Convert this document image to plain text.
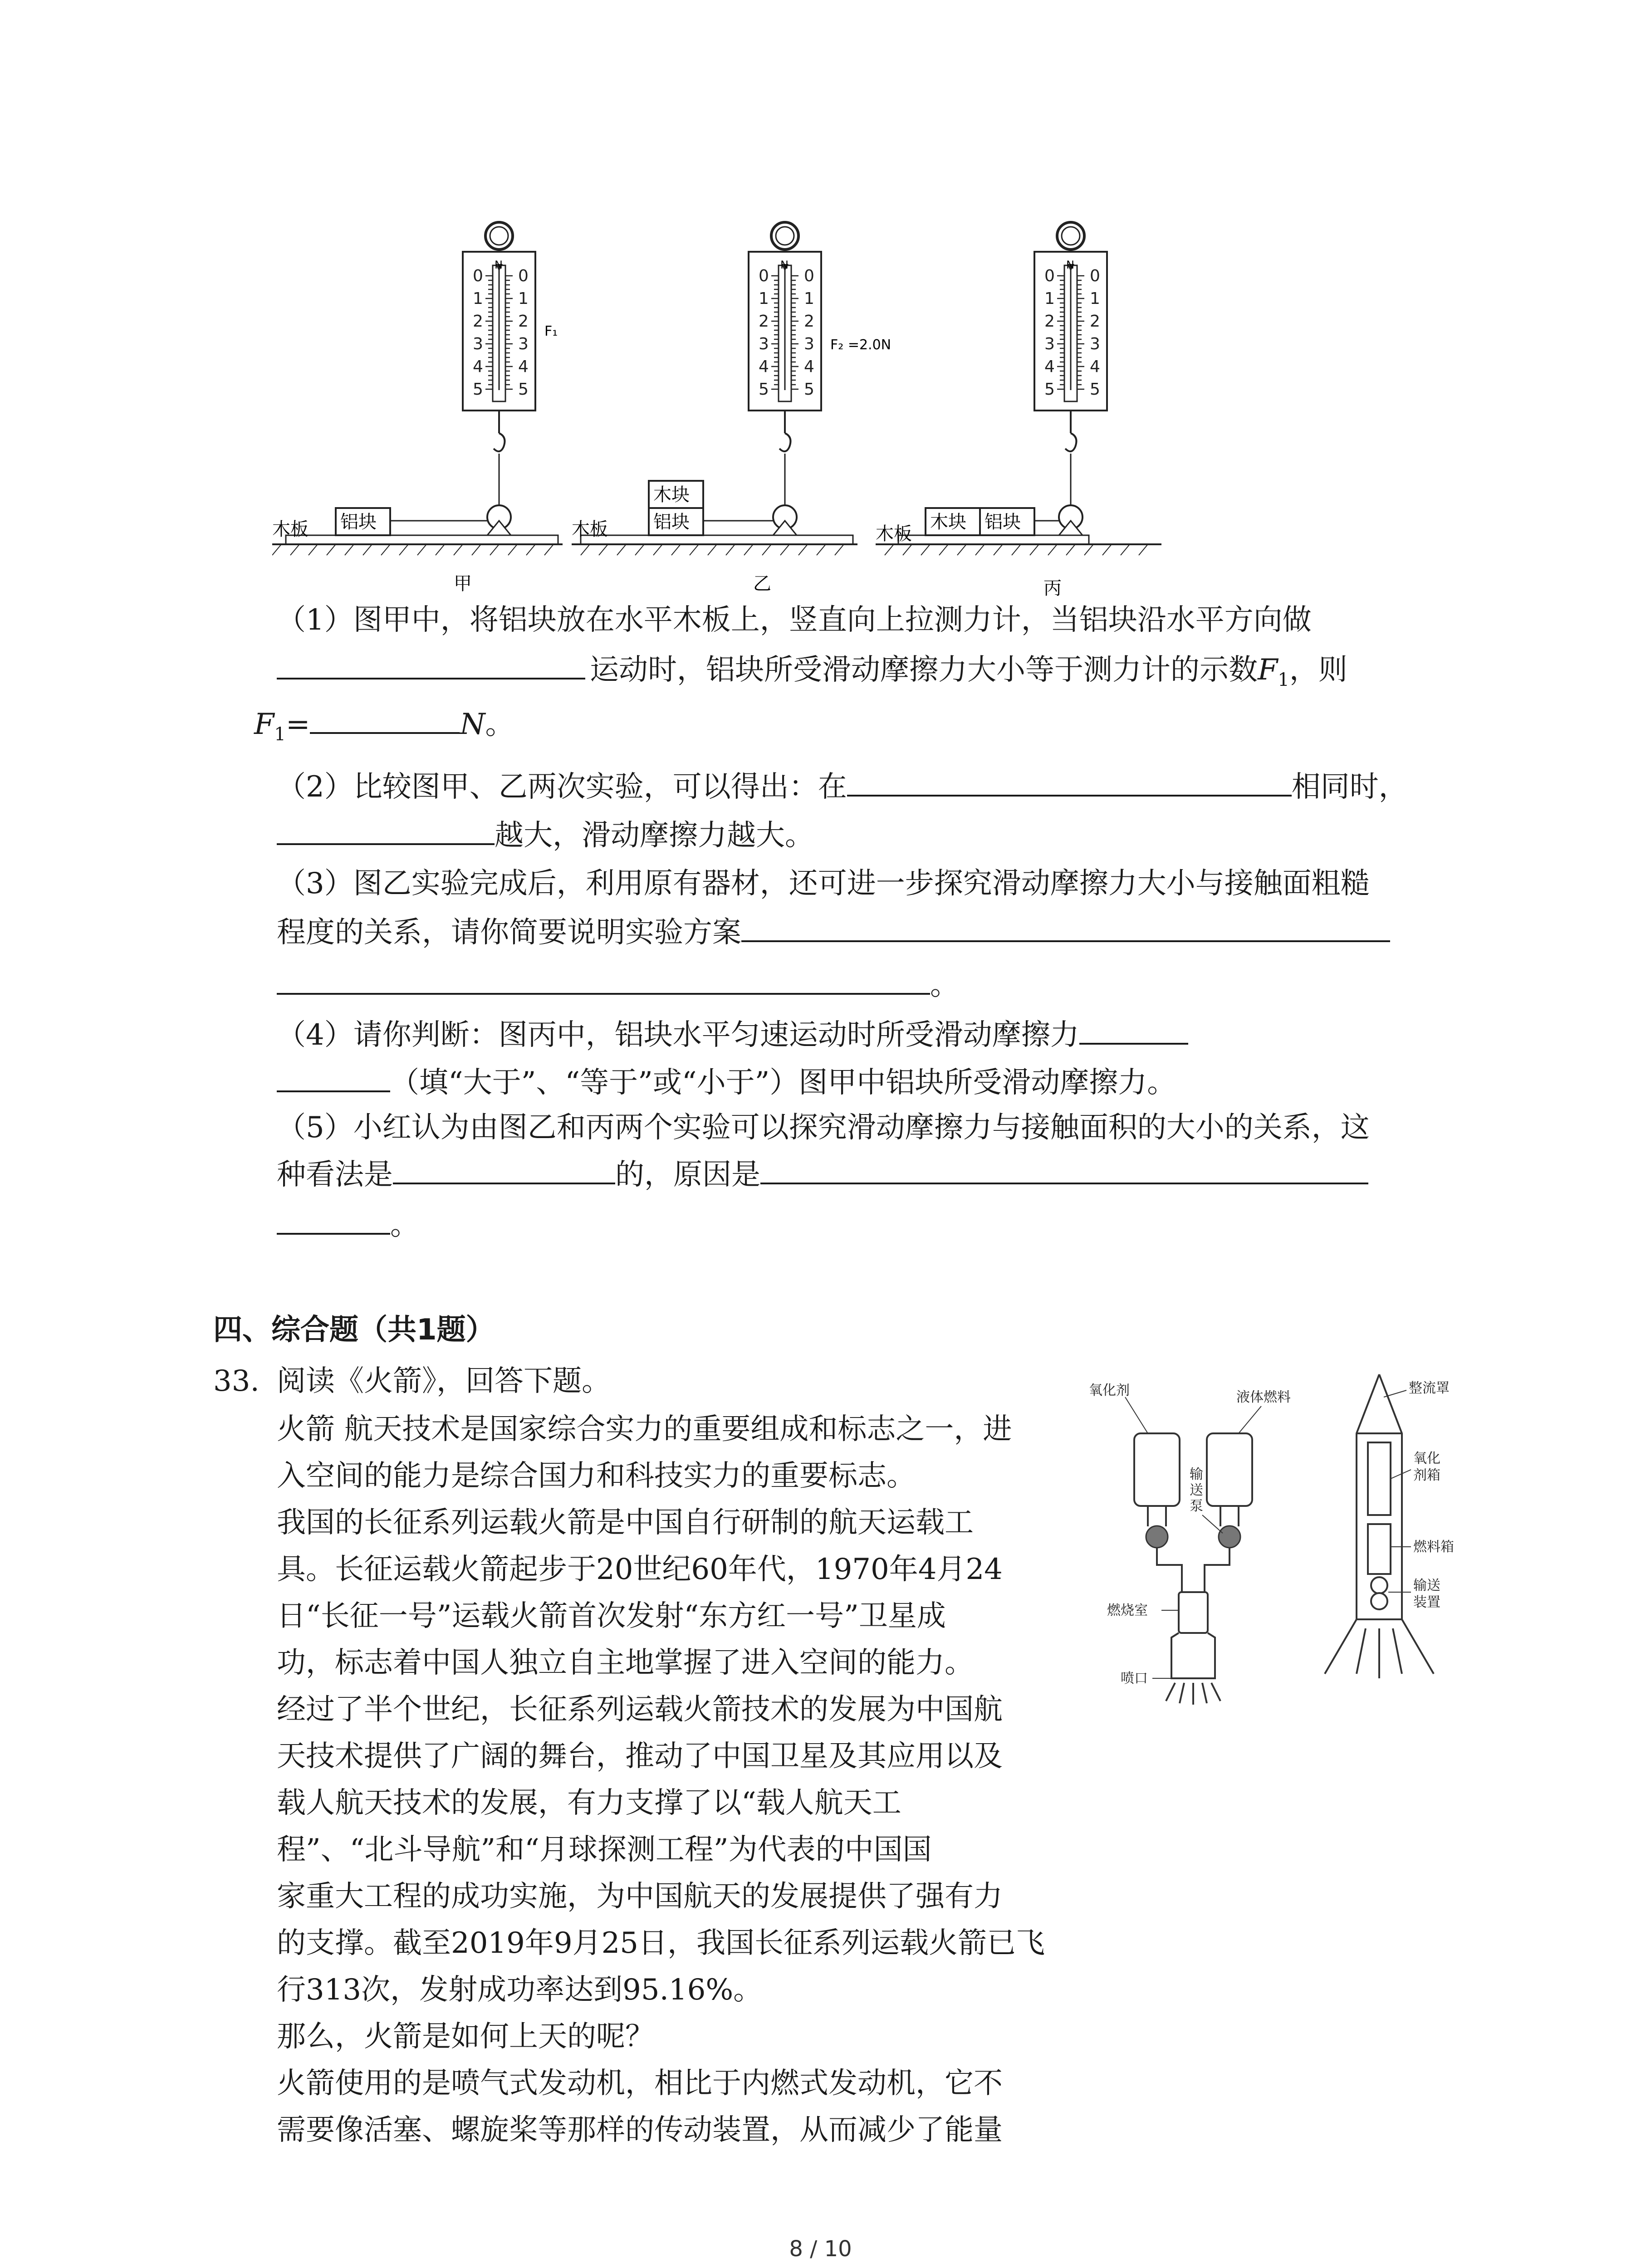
N
0 0
1 1
2 2
3 3
4 4
5 5
F₁
铝块
木板
甲
N
0 0
1 1
2 2
3 3
4 4
5 5
F₂ =2.0N
木块
铝块
木板
乙
N
0 0
1 1
2 2
3 3
4 4
5 5
木块 铝块
木板
丙
（1）图甲中，将铝块放在水平木板上，竖直向上拉测力计，当铝块沿水平方向做
运动时，铝块所受滑动摩擦力大小等于测力计的示数$F_1$，则
$F_1=$	N。
（2）比较图甲、乙两次实验，可以得出：在	相同时，
越大，滑动摩擦力越大。
（3）图乙实验完成后，利用原有器材，还可进一步探究滑动摩擦力大小与接触面粗糙
程度的关系，请你简要说明实验方案
。
（4）请你判断：图丙中，铝块水平匀速运动时所受滑动摩擦力
（填“大于”、“等于”或“小于”）图甲中铝块所受滑动摩擦力。
（5）小红认为由图乙和丙两个实验可以探究滑动摩擦力与接触面积的大小的关系，这
种看法是	的，原因是
。
四、综合题（共1题）
33. 阅读《火箭》，回答下题。

火箭 航天技术是国家综合实力的重要组成和标志之一，进

入空间的能力是综合国力和科技实力的重要标志。

我国的长征系列运载火箭是中国自行研制的航天运载工

具。长征运载火箭起步于20世纪60年代，1970年4月24

日“长征一号”运载火箭首次发射“东方红一号”卫星成

功，标志着中国人独立自主地掌握了进入空间的能力。

经过了半个世纪，长征系列运载火箭技术的发展为中国航

天技术提供了广阔的舞台，推动了中国卫星及其应用以及

载人航天技术的发展，有力支撑了以“载人航天工

程”、“北斗导航”和“月球探测工程”为代表的中国国

家重大工程的成功实施，为中国航天的发展提供了强有力

的支撑。截至2019年9月25日，我国长征系列运载火箭已飞

行313次，发射成功率达到95.16%。

那么，火箭是如何上天的呢？

火箭使用的是喷气式发动机，相比于内燃式发动机，它不

需要像活塞、螺旋桨等那样的传动装置，从而减少了能量

氧化剂	液体燃料
输
送
泵
燃烧室
喷口
整流罩
氧化
剂箱
燃料箱
输送
装置
8 / 10
